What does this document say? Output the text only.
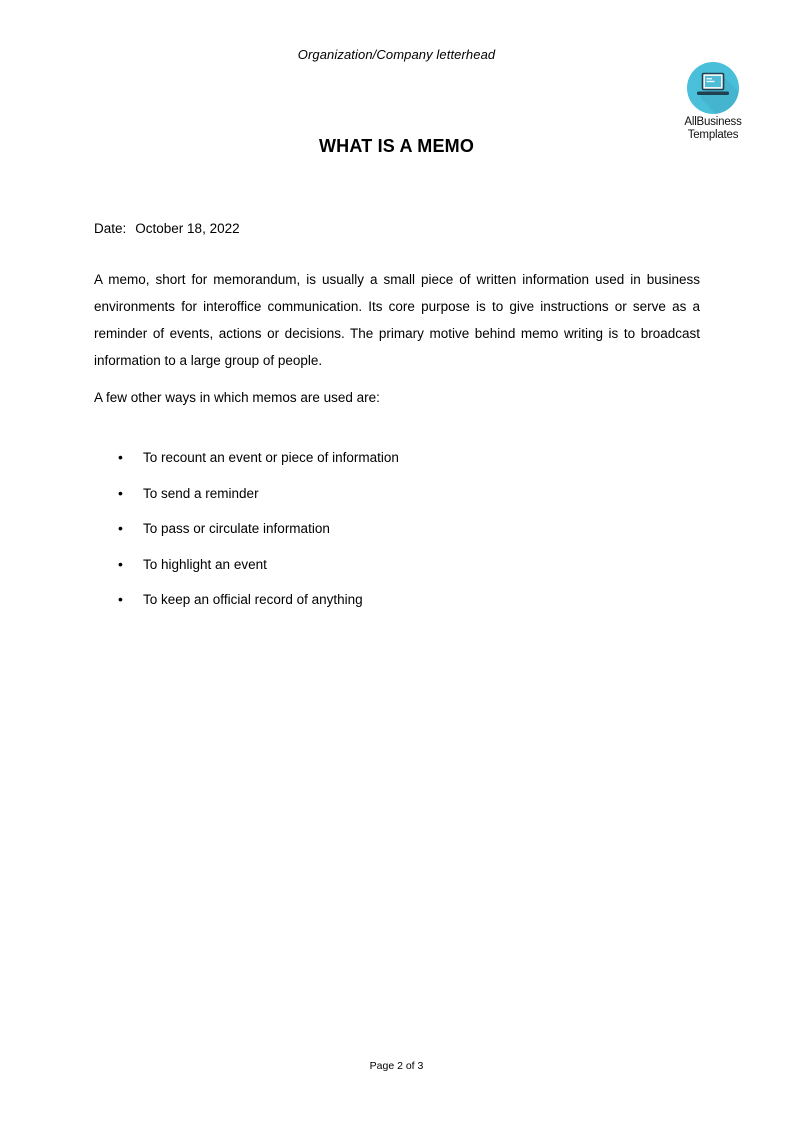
Organization/Company letterhead
AllBusiness
Templates
WHAT IS A MEMO
Date: October 18, 2022
A memo, short for memorandum, is usually a small piece of written information used in business environments for interoffice communication. Its core purpose is to give instructions or serve as a reminder of events, actions or decisions. The primary motive behind memo writing is to broadcast information to a large group of people.
A few other ways in which memos are used are:
• To recount an event or piece of information
• To send a reminder
• To pass or circulate information
• To highlight an event
• To keep an official record of anything
Page 2 of 3
